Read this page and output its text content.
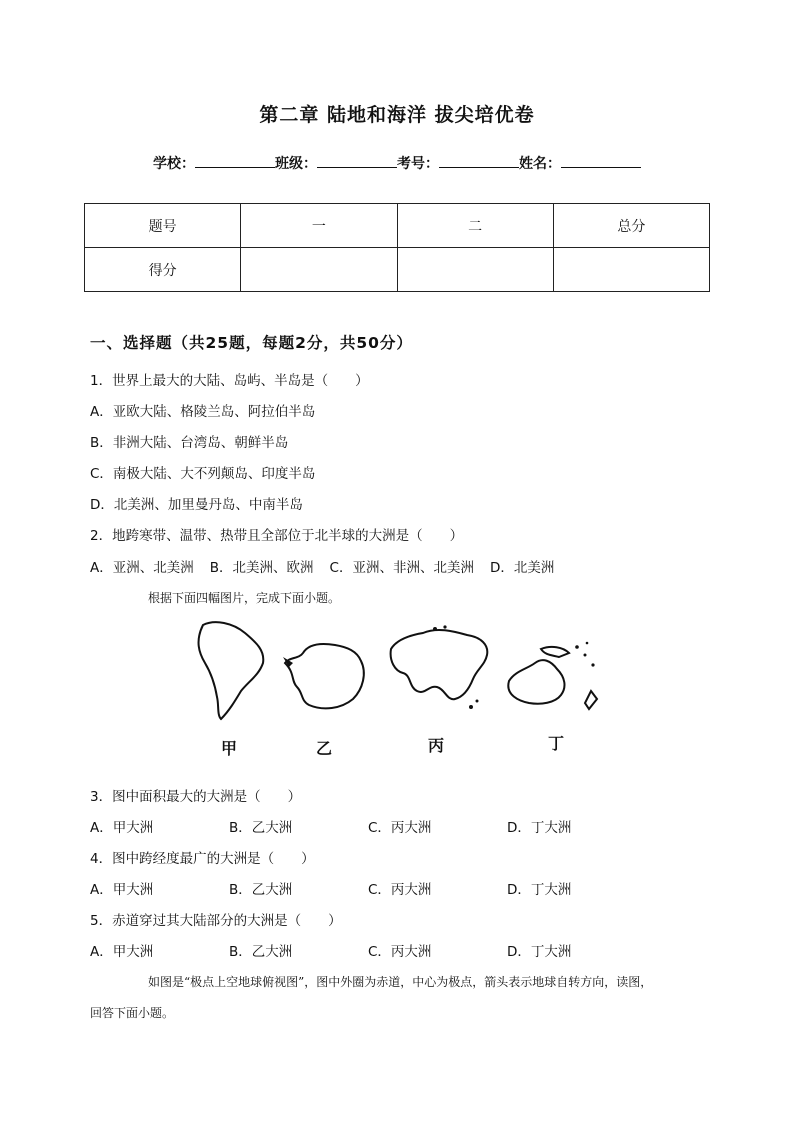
第二章 陆地和海洋 拔尖培优卷
学校：	班级：	考号：	姓名：
题号	一	二	总分
得分			
一、选择题（共25题，每题2分，共50分）
1．世界上最大的大陆、岛屿、半岛是（　　）
A．亚欧大陆、格陵兰岛、阿拉伯半岛
B．非洲大陆、台湾岛、朝鲜半岛
C．南极大陆、大不列颠岛、印度半岛
D．北美洲、加里曼丹岛、中南半岛
2．地跨寒带、温带、热带且全部位于北半球的大洲是（　　）
A．亚洲、北美洲 B．北美洲、欧洲 C．亚洲、非洲、北美洲 D．北美洲
根据下面四幅图片，完成下面小题。
甲	乙	丙	丁
3．图中面积最大的大洲是（　　）
A．甲大洲	B．乙大洲	C．丙大洲	D．丁大洲
4．图中跨经度最广的大洲是（　　）
A．甲大洲	B．乙大洲	C．丙大洲	D．丁大洲
5．赤道穿过其大陆部分的大洲是（　　）
A．甲大洲	B．乙大洲	C．丙大洲	D．丁大洲
如图是“极点上空地球俯视图”，图中外圈为赤道，中心为极点，箭头表示地球自转方向，读图，
回答下面小题。
